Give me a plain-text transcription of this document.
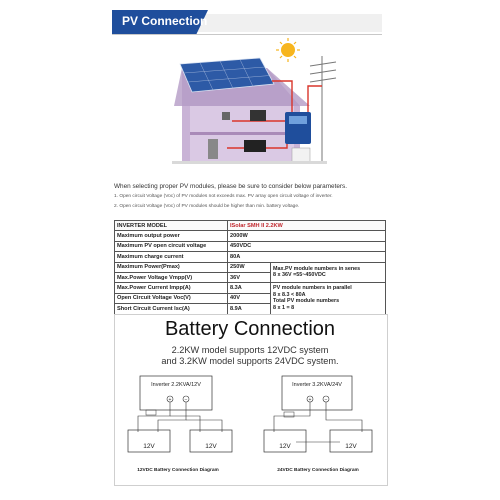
PV Connection
When selecting proper PV modules, please be sure to consider below parameters.
1. Open circuit Voltage (Voc) of PV modules not exceeds max. PV array open circuit voltage of inverter.
2. Open circuit Voltage (Voc) of PV modules should be higher than min. battery voltage.
INVERTER MODEL	ISolar SMH II 2.2KW	
Maximum output power	2000W	
Maximum PV open circuit voltage	450VDC	
Maximum charge current	80A	
Maximum Power(Pmax)	250W	Max.PV module numbers in senes
8 x 36V =55~450VDC

Max.Power Voltage Vmpp(V)	36V	
Max.Power Current Impp(A)	8.3A	PV module numbers in parallel
8 x 8.3 < 80A
Total PV module numbers
8 x 1 = 8

Open Circuit Voltage Voc(V)	40V	
Short Circuit Current Isc(A)	8.9A	
Battery Connection
2.2KW model supports 12VDC system
and 3.2KW model supports 24VDC system.
Inverter 2.2KVA/12V
+	−
12V	12V
12VDC Battery Connection Diagram
Inverter 3.2KVA/24V
+	−
12V	12V
24VDC Battery Connection Diagram
